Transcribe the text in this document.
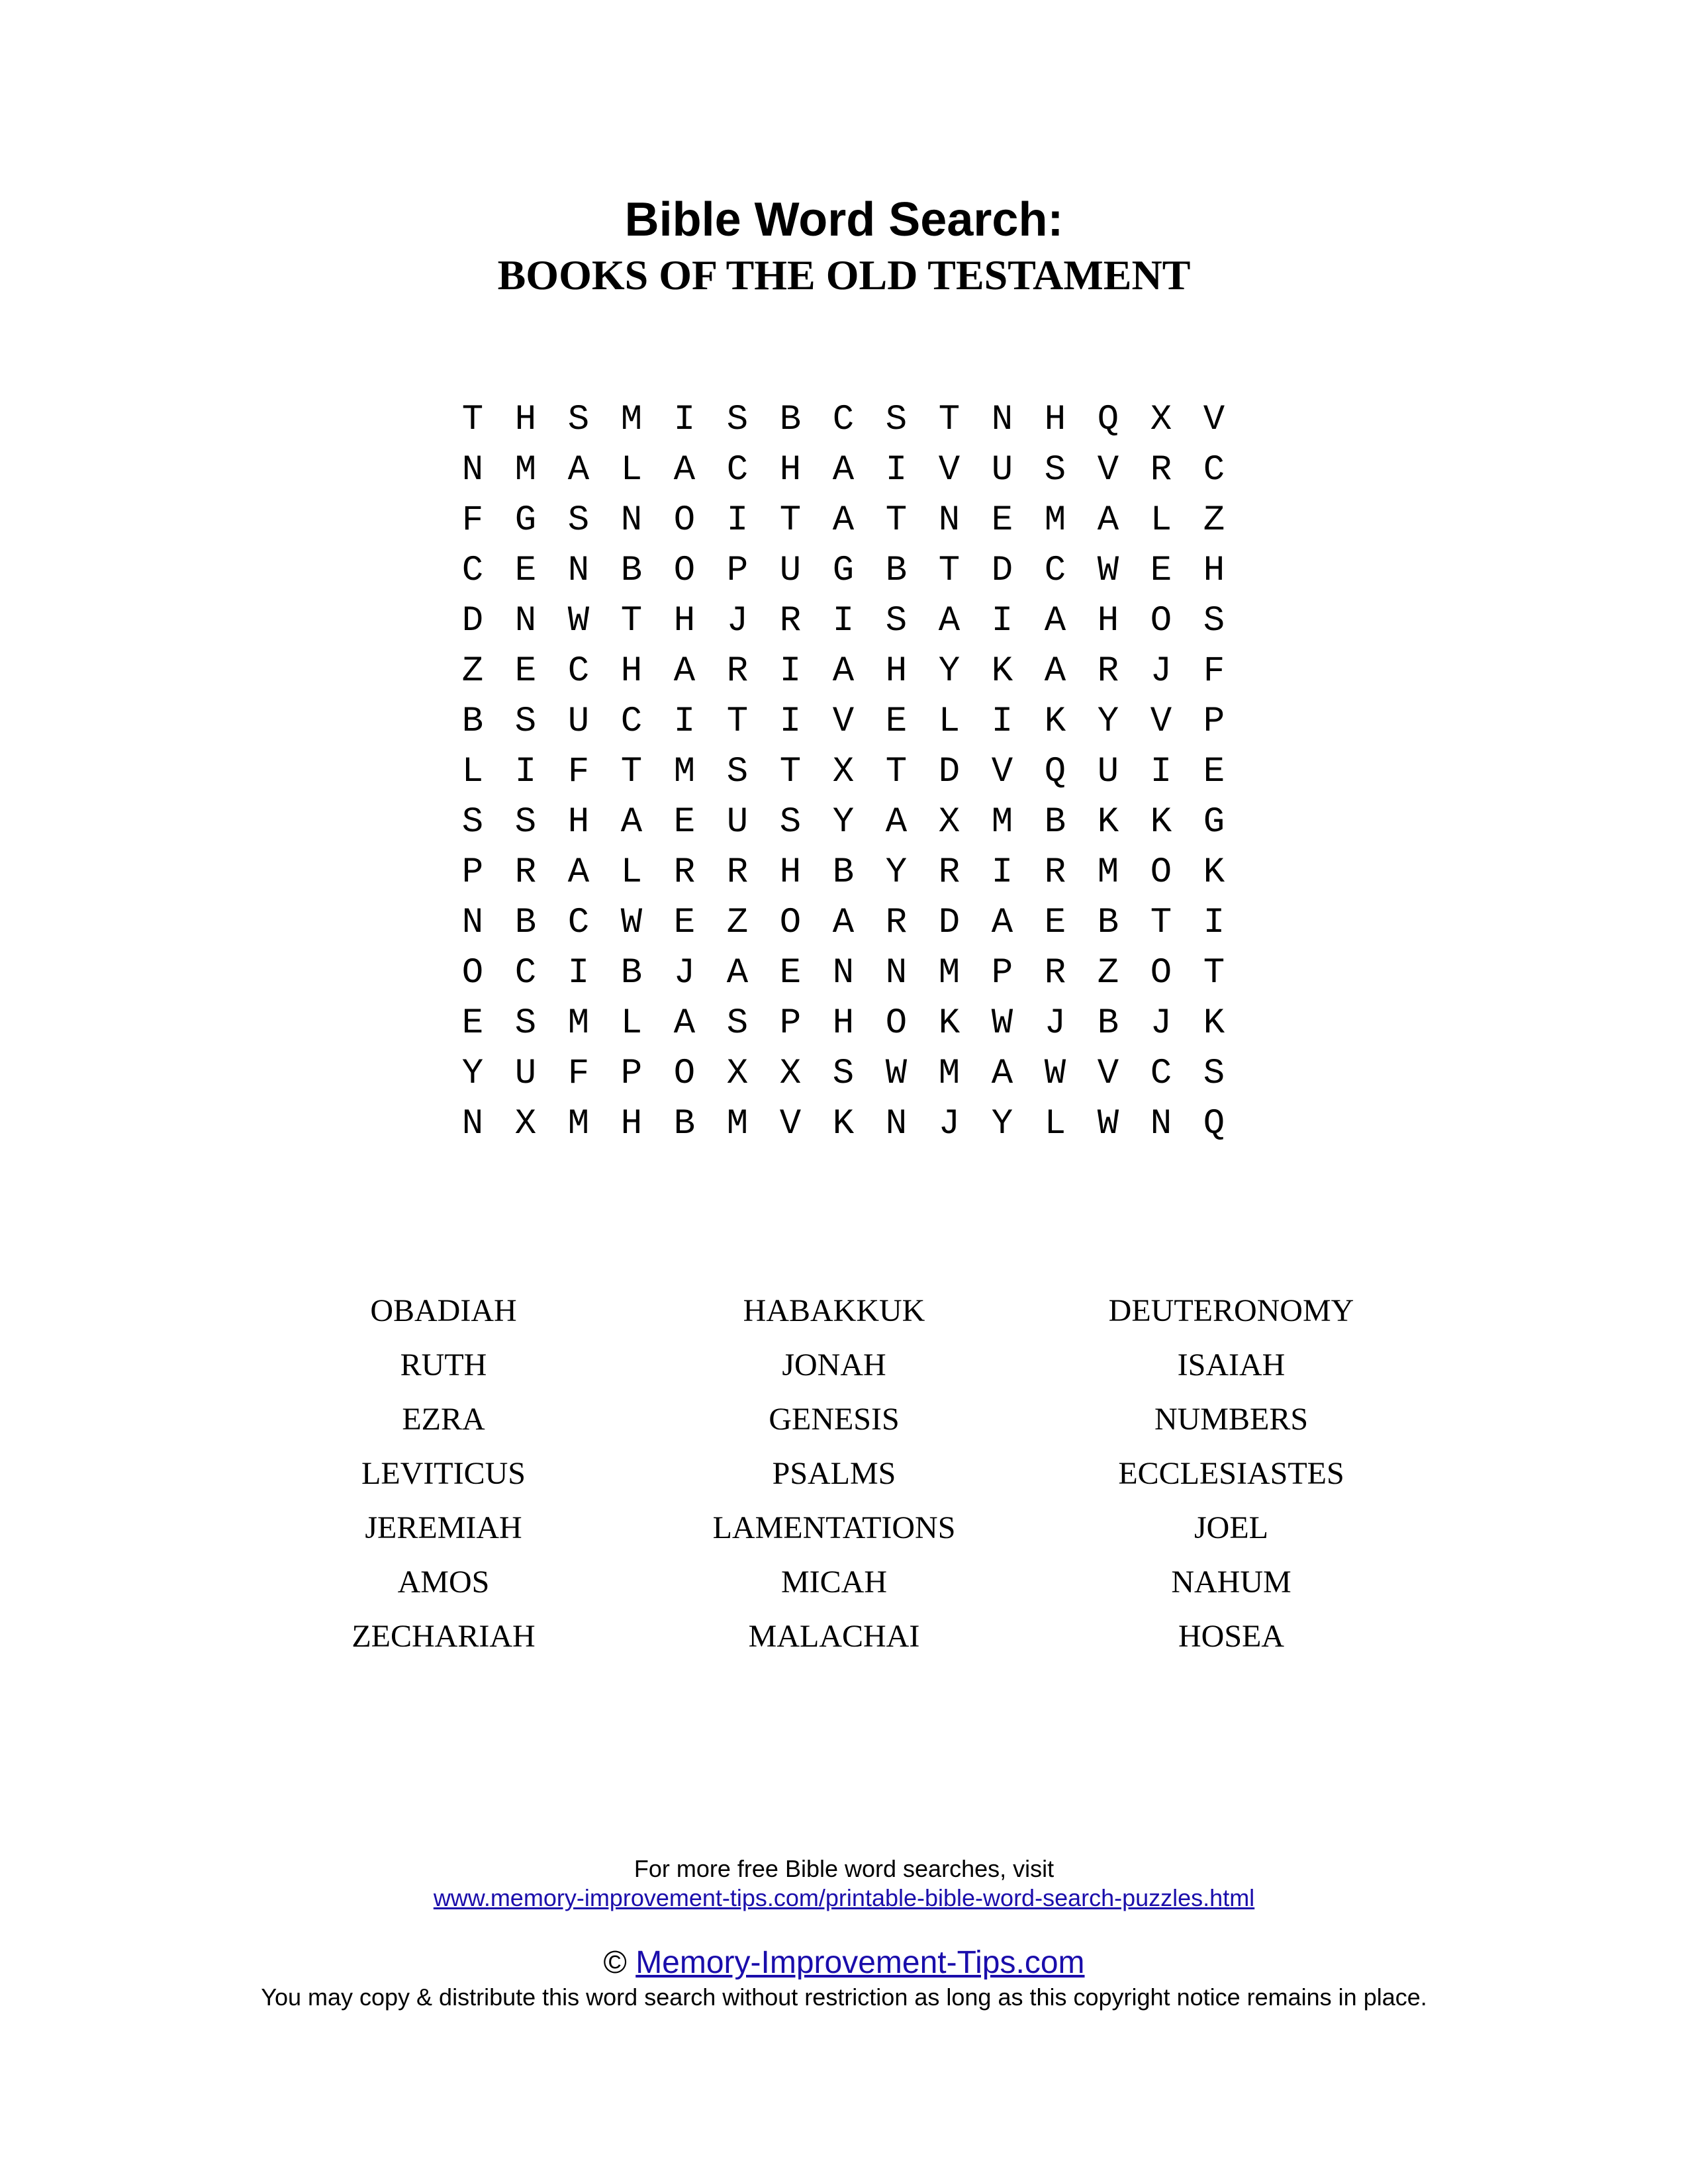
Bible Word Search:
BOOKS OF THE OLD TESTAMENT
T H S M I S B C S T N H Q X V
N M A L A C H A I V U S V R C
F G S N O I T A T N E M A L Z
C E N B O P U G B T D C W E H
D N W T H J R I S A I A H O S
Z E C H A R I A H Y K A R J F
B S U C I T I V E L I K Y V P
L I F T M S T X T D V Q U I E
S S H A E U S Y A X M B K K G
P R A L R R H B Y R I R M O K
N B C W E Z O A R D A E B T I
O C I B J A E N N M P R Z O T
E S M L A S P H O K W J B J K
Y U F P O X X S W M A W V C S
N X M H B M V K N J Y L W N Q
OBADIAH
RUTH
EZRA
LEVITICUS
JEREMIAH
AMOS
ZECHARIAH
HABAKKUK
JONAH
GENESIS
PSALMS
LAMENTATIONS
MICAH
MALACHAI
DEUTERONOMY
ISAIAH
NUMBERS
ECCLESIASTES
JOEL
NAHUM
HOSEA
For more free Bible word searches, visit
www.memory-improvement-tips.com/printable-bible-word-search-puzzles.html
© Memory-Improvement-Tips.com
You may copy & distribute this word search without restriction as long as this copyright notice remains in place.
